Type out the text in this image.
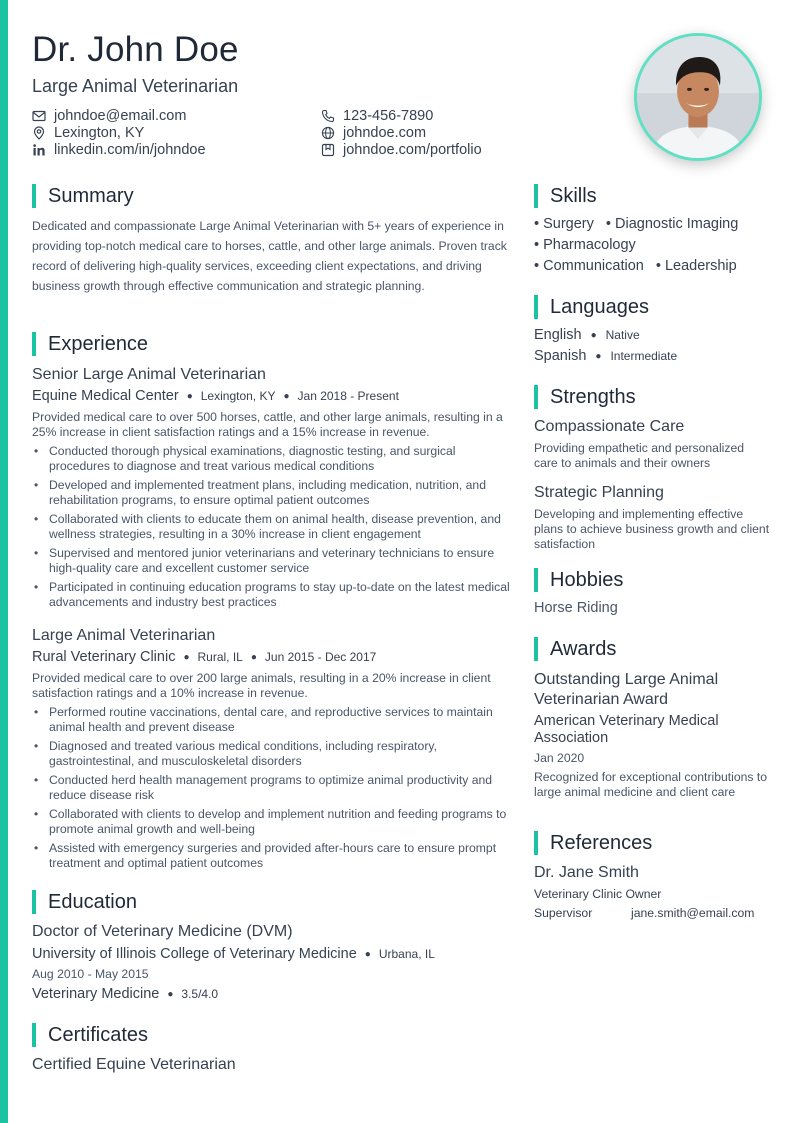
Dr. John Doe
Large Animal Veterinarian
johndoe@email.com	123-456-7890
Lexington, KY	johndoe.com
linkedin.com/in/johndoe	johndoe.com/portfolio
Summary
Dedicated and compassionate Large Animal Veterinarian with 5+ years of experience in providing top-notch medical care to horses, cattle, and other large animals. Proven track record of delivering high-quality services, exceeding client expectations, and driving business growth through effective communication and strategic planning.
Experience
Senior Large Animal Veterinarian
Equine Medical Center ● Lexington, KY ● Jan 2018 - Present
Provided medical care to over 500 horses, cattle, and other large animals, resulting in a 25% increase in client satisfaction ratings and a 15% increase in revenue.
• Conducted thorough physical examinations, diagnostic testing, and surgical procedures to diagnose and treat various medical conditions
• Developed and implemented treatment plans, including medication, nutrition, and rehabilitation programs, to ensure optimal patient outcomes
• Collaborated with clients to educate them on animal health, disease prevention, and wellness strategies, resulting in a 30% increase in client engagement
• Supervised and mentored junior veterinarians and veterinary technicians to ensure high-quality care and excellent customer service
• Participated in continuing education programs to stay up-to-date on the latest medical advancements and industry best practices
Large Animal Veterinarian
Rural Veterinary Clinic ● Rural, IL ● Jun 2015 - Dec 2017
Provided medical care to over 200 large animals, resulting in a 20% increase in client satisfaction ratings and a 10% increase in revenue.
• Performed routine vaccinations, dental care, and reproductive services to maintain animal health and prevent disease
• Diagnosed and treated various medical conditions, including respiratory, gastrointestinal, and musculoskeletal disorders
• Conducted herd health management programs to optimize animal productivity and reduce disease risk
• Collaborated with clients to develop and implement nutrition and feeding programs to promote animal growth and well-being
• Assisted with emergency surgeries and provided after-hours care to ensure prompt treatment and optimal patient outcomes
Education
Doctor of Veterinary Medicine (DVM)
University of Illinois College of Veterinary Medicine ● Urbana, IL
Aug 2010 - May 2015
Veterinary Medicine ● 3.5/4.0
Certificates
Certified Equine Veterinarian
Skills
• Surgery • Diagnostic Imaging
• Pharmacology
• Communication • Leadership
Languages
English ● Native
Spanish ● Intermediate
Strengths
Compassionate Care
Providing empathetic and personalized care to animals and their owners
Strategic Planning
Developing and implementing effective plans to achieve business growth and client satisfaction
Hobbies
Horse Riding
Awards
Outstanding Large Animal Veterinarian Award
American Veterinary Medical Association
Jan 2020
Recognized for exceptional contributions to large animal medicine and client care
References
Dr. Jane Smith
Veterinary Clinic Owner
Supervisor	jane.smith@email.com
